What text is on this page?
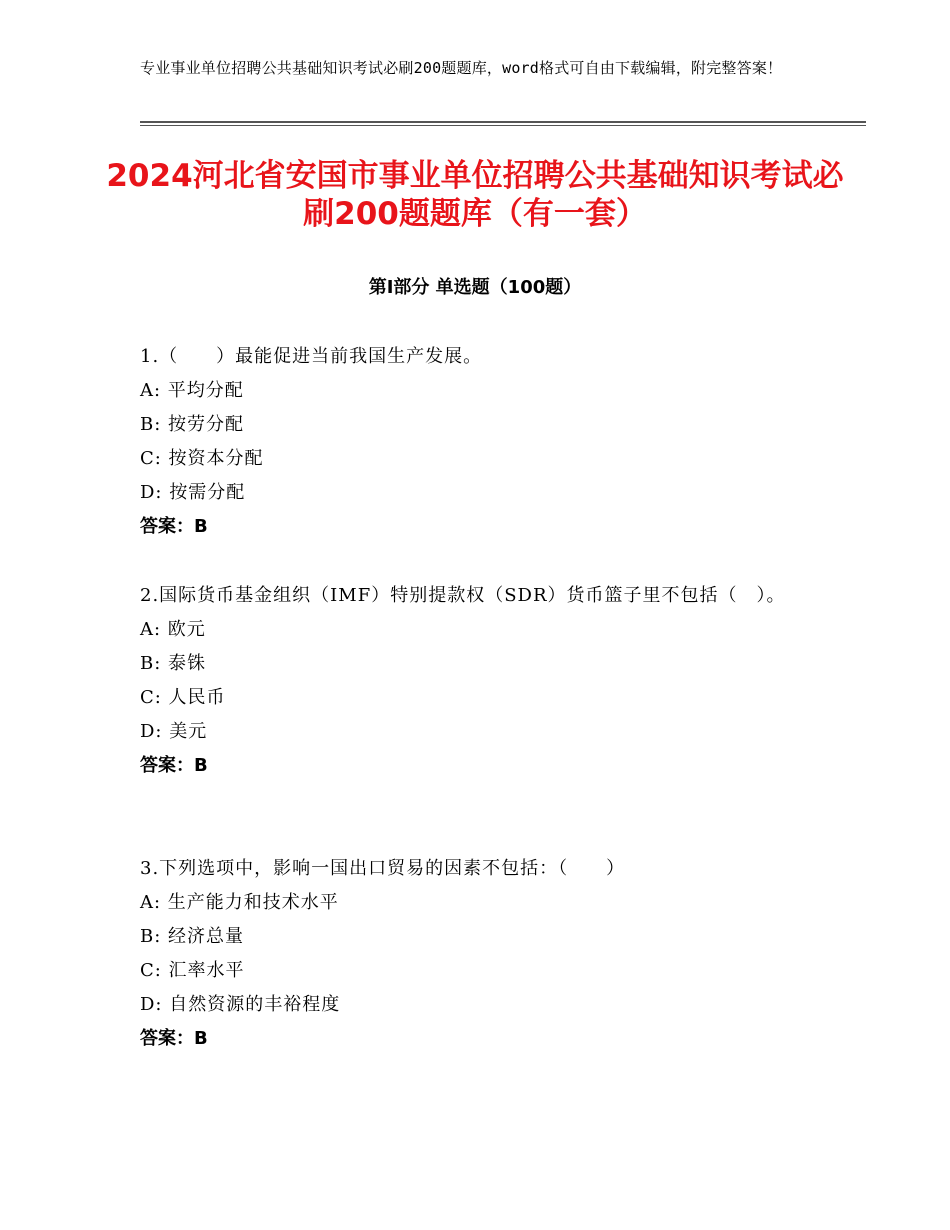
专业事业单位招聘公共基础知识考试必刷200题题库，word格式可自由下载编辑，附完整答案！
2024河北省安国市事业单位招聘公共基础知识考试必刷200题题库（有一套）
第Ⅰ部分 单选题（100题）
1.（　　）最能促进当前我国生产发展。
A: 平均分配
B: 按劳分配
C: 按资本分配
D: 按需分配
答案：B
2.国际货币基金组织（IMF）特别提款权（SDR）货币篮子里不包括（　）。
A: 欧元
B: 泰铢
C: 人民币
D: 美元
答案：B
3.下列选项中，影响一国出口贸易的因素不包括：（　　）
A: 生产能力和技术水平
B: 经济总量
C: 汇率水平
D: 自然资源的丰裕程度
答案：B
